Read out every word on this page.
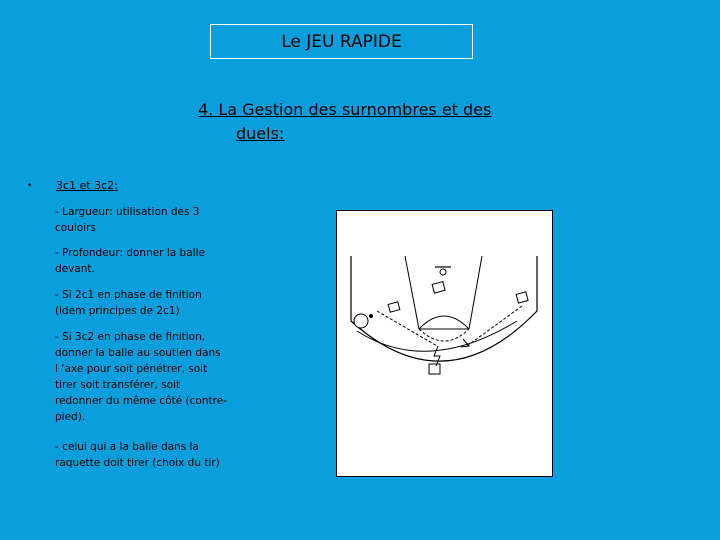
Le JEU RAPIDE
4. La Gestion des surnombres et des
duels:
• 3c1 et 3c2:
- Largueur: utilisation des 3
couloirs
- Profondeur: donner la balle
devant.
- Si 2c1 en phase de finition
(idem principes de 2c1)
- Si 3c2 en phase de finition,
donner la balle au soutien dans
l ‘axe pour soit pénétrer, soit
tirer soit transférer, soit
redonner du même côté (contre-
pied).
- celui qui a la balle dans la
raquette doit tirer (choix du tir)
